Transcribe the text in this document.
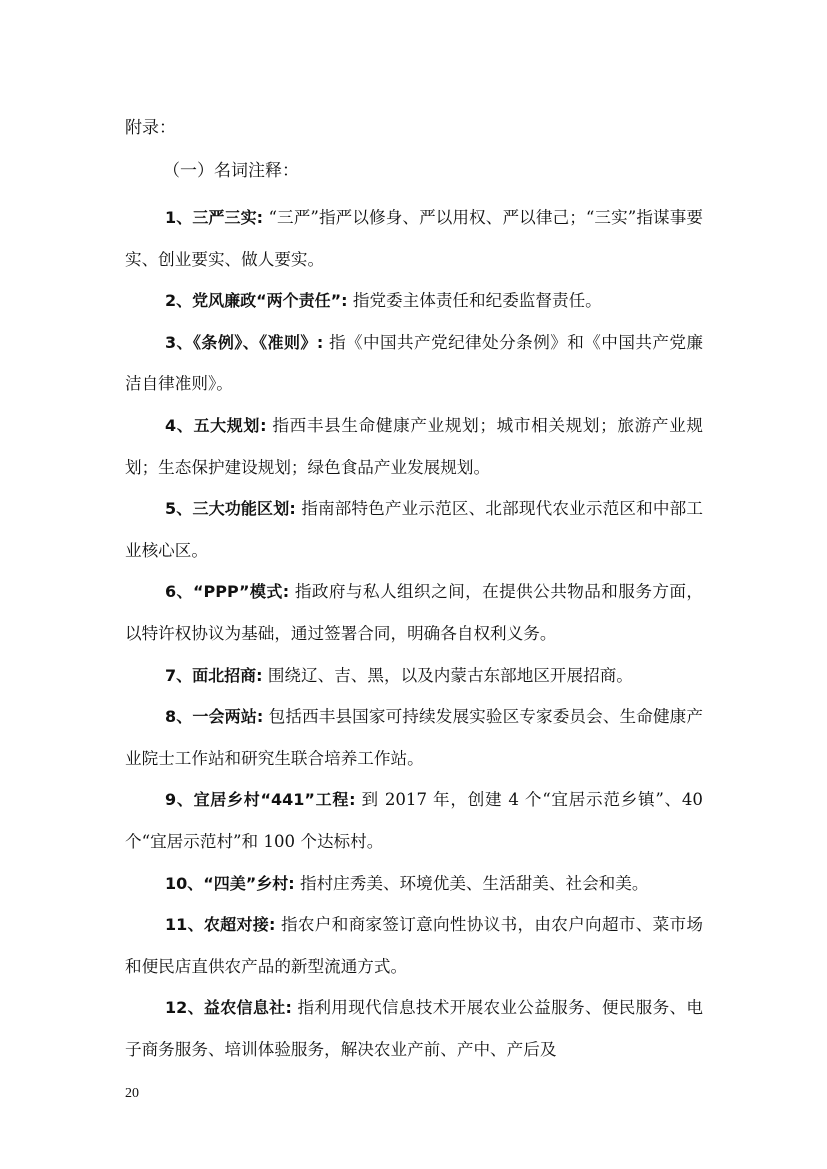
附录：
（一）名词注释：

1、三严三实: “三严”指严以修身、严以用权、严以律己；“三实”指谋事要实、创业要实、做人要实。

2、党风廉政“两个责任”: 指党委主体责任和纪委监督责任。

3、《条例》、《准则》: 指《中国共产党纪律处分条例》和《中国共产党廉洁自律准则》。

4、五大规划: 指西丰县生命健康产业规划；城市相关规划；旅游产业规划；生态保护建设规划；绿色食品产业发展规划。

5、三大功能区划: 指南部特色产业示范区、北部现代农业示范区和中部工业核心区。

6、“PPP”模式: 指政府与私人组织之间，在提供公共物品和服务方面，以特许权协议为基础，通过签署合同，明确各自权利义务。

7、面北招商: 围绕辽、吉、黑，以及内蒙古东部地区开展招商。

8、一会两站: 包括西丰县国家可持续发展实验区专家委员会、生命健康产业院士工作站和研究生联合培养工作站。

9、宜居乡村“441”工程: 到 2017 年，创建 4 个“宜居示范乡镇”、40 个“宜居示范村”和 100 个达标村。

10、“四美”乡村: 指村庄秀美、环境优美、生活甜美、社会和美。

11、农超对接: 指农户和商家签订意向性协议书，由农户向超市、菜市场和便民店直供农产品的新型流通方式。

12、益农信息社: 指利用现代信息技术开展农业公益服务、便民服务、电子商务服务、培训体验服务，解决农业产前、产中、产后及

20
